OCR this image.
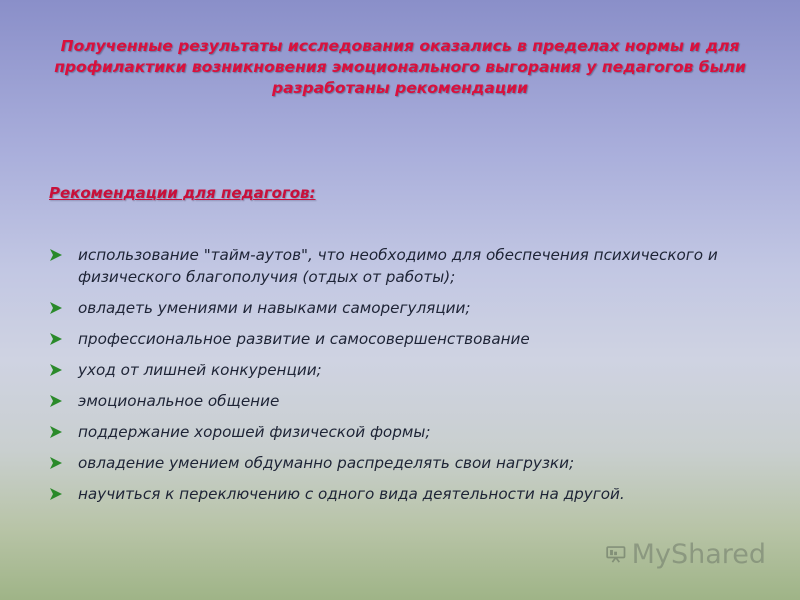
Полученные результаты исследования оказались в пределах нормы и для профилактики возникновения эмоционального выгорания у педагогов были разработаны рекомендации
Рекомендации для педагогов:
использование "тайм-аутов", что необходимо для обеспечения психического и физического благополучия (отдых от работы);
овладеть умениями и навыками саморегуляции;
профессиональное развитие и самосовершенствование
уход от лишней конкуренции;
эмоциональное общение
поддержание хорошей физической формы;
овладение умением обдуманно распределять свои нагрузки;
научиться к переключению с одного вида деятельности на другой.
MyShared
